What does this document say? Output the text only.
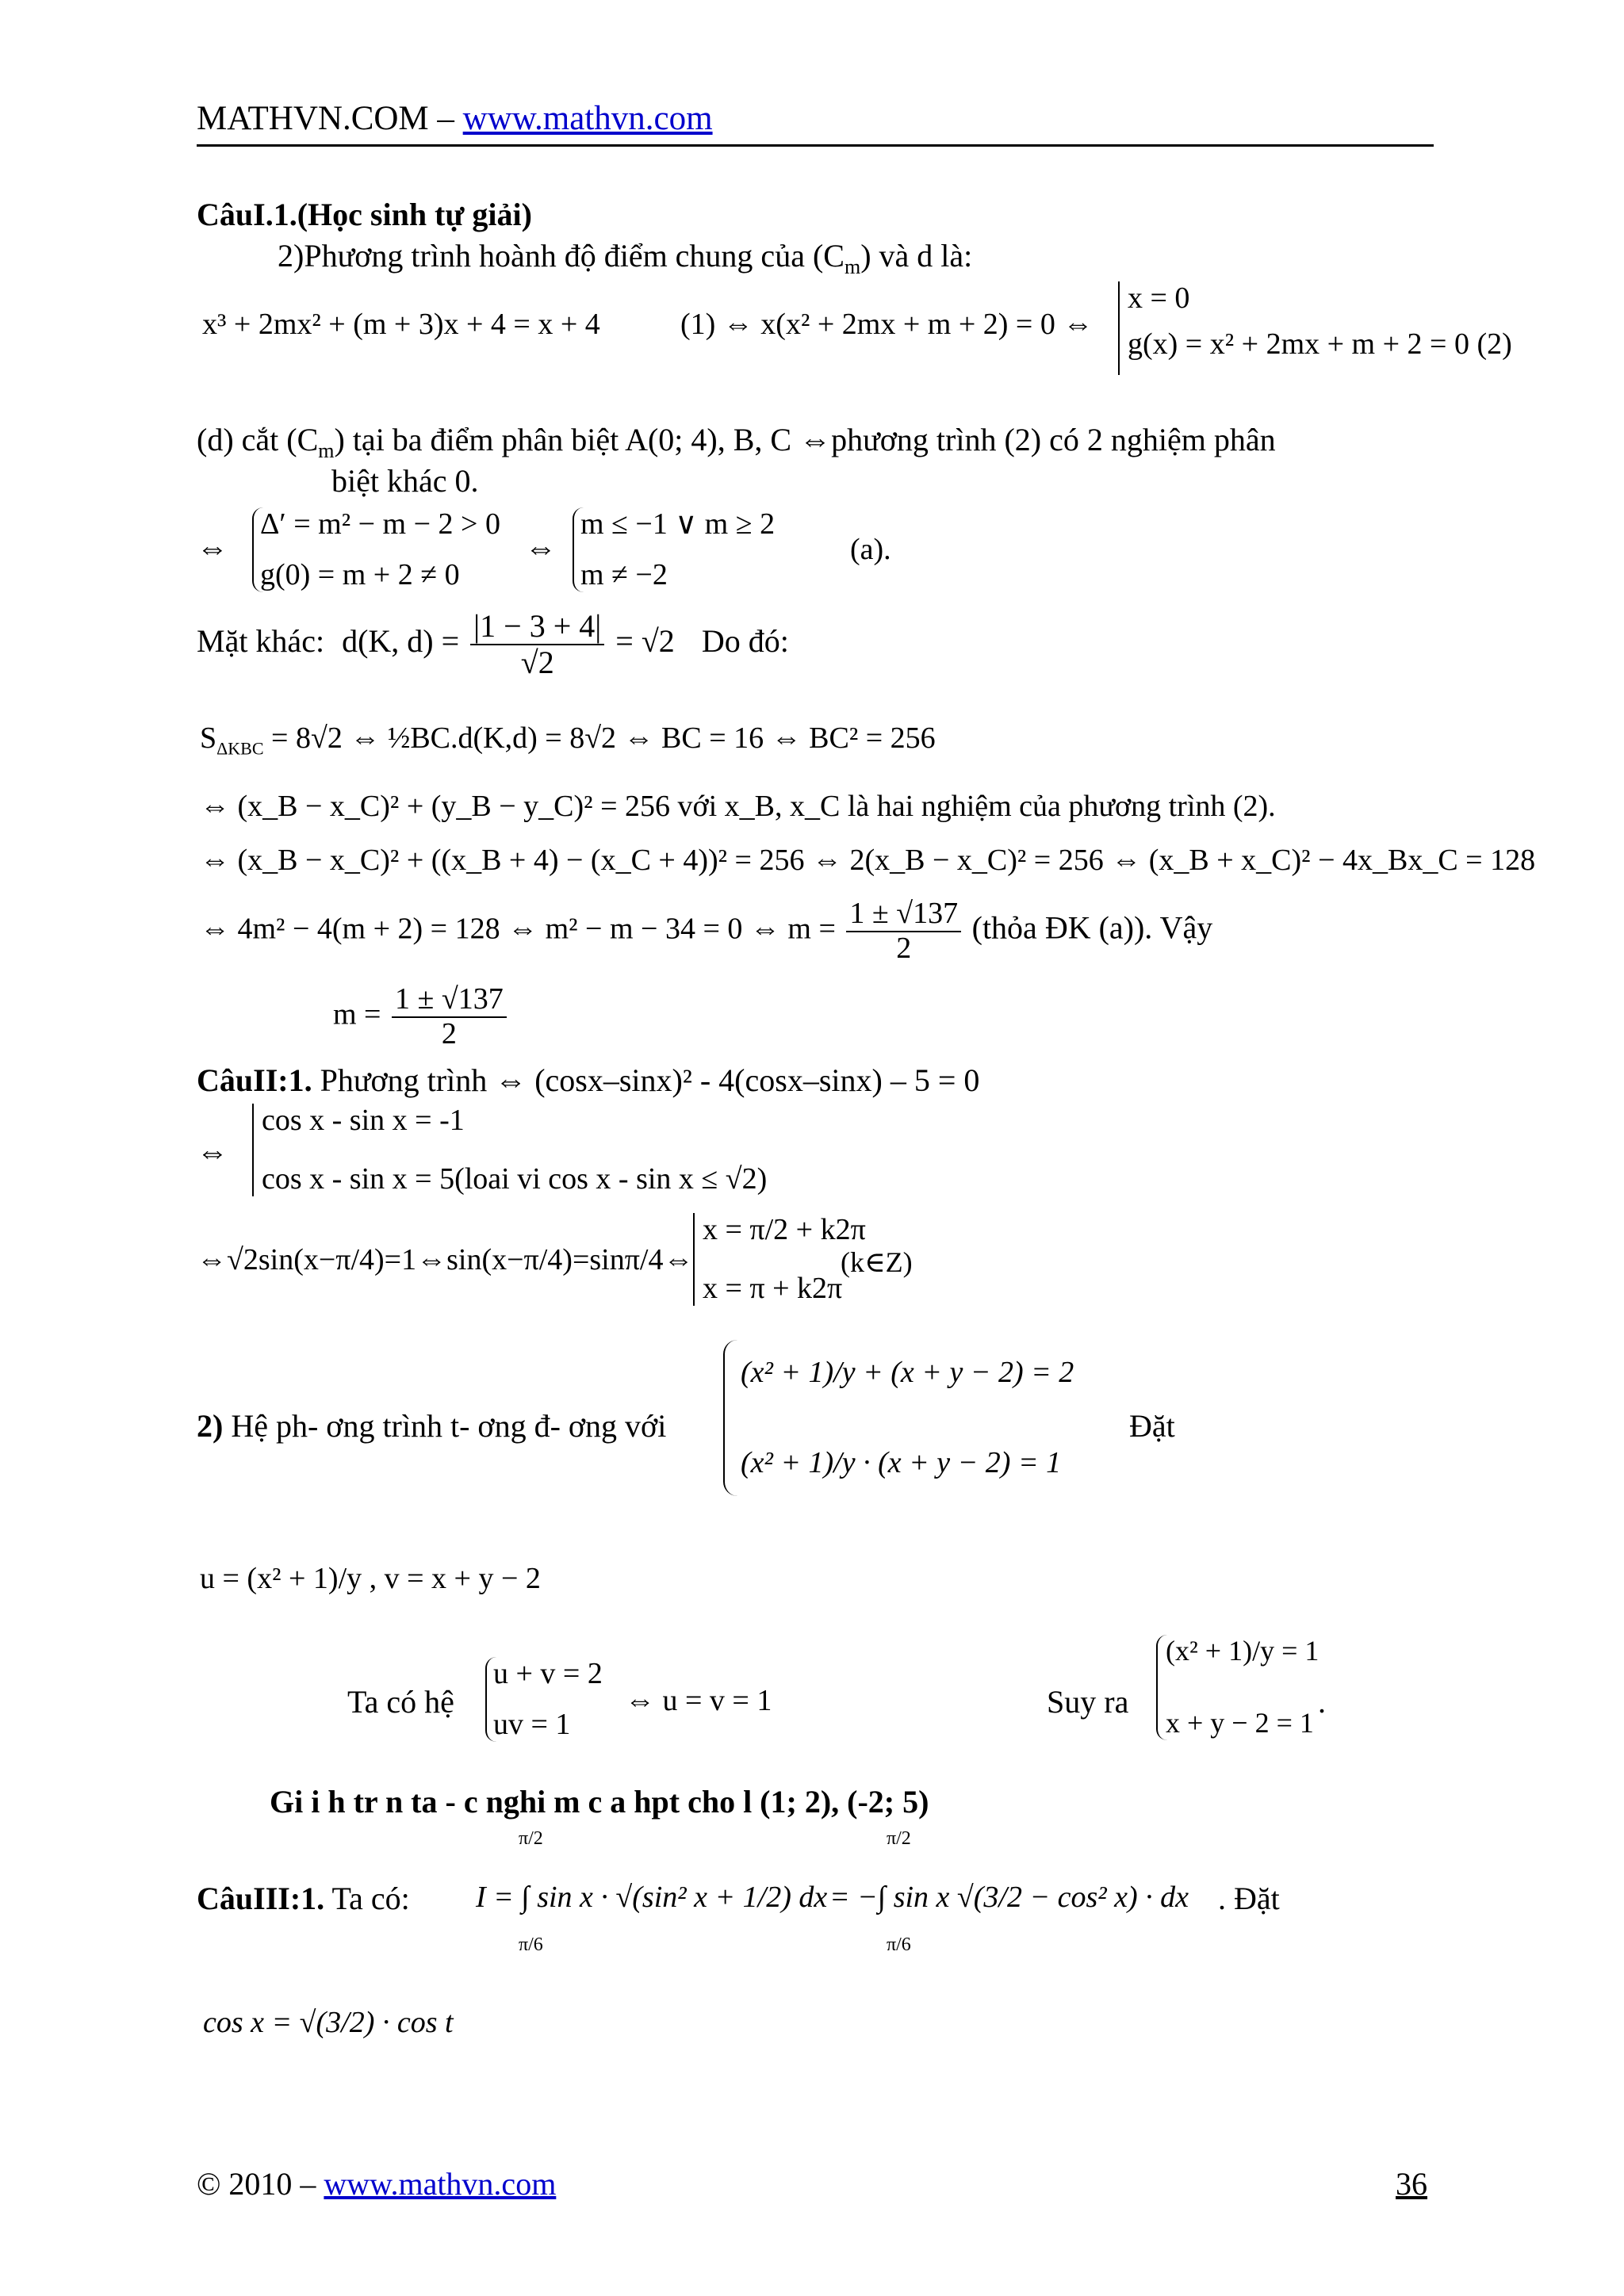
MATHVN.COM – www.mathvn.com
CâuI.1.(Học sinh tự giải)
2)Phương trình hoành độ điểm chung của $(C_m)$ và d là:
x³ + 2mx² + (m + 3)x + 4 = x + 4	(1) ⇔ x(x² + 2mx + m + 2) = 0 ⇔
x = 0
g(x) = x² + 2mx + m + 2 = 0 (2)
(d) cắt $(C_m)$ tại ba điểm phân biệt A(0; 4), B, C ⇔phương trình (2) có 2 nghiệm phân
biệt khác 0.
⇔
Δ′ = m² − m − 2 > 0
g(0) = m + 2 ≠ 0
⇔
m ≤ −1 ∨ m ≥ 2
m ≠ −2
(a).
Mặt khác: d(K, $d) = \frac{|1 - 3 + 4|}{√2} = √2$ Do đó:
$S_{\Delta KBC} = 8√2$ ⇔ ½BC.d(K,d) = 8√2 ⇔ BC = 16 ⇔ BC² = 256
⇔ (x_B − x_C)² + (y_B − y_C)² = 256 với x_B, x_C là hai nghiệm của phương trình (2).
⇔ (x_B − x_C)² + ((x_B + 4) − (x_C + 4))² = 256 ⇔ 2(x_B − x_C)² = 256 ⇔ (x_B + x_C)² − 4x_Bx_C = 128
⇔ 4m² − 4(m + 2) = 128 ⇔ m² − m − 34 = 0 ⇔ $m = \frac{1 \pm √137}{2}$ (thỏa ĐK (a)). Vậy
$m = \frac{1 \pm √137}{2}$
CâuII:1. Phương trình ⇔ (cosx–sinx)² - 4(cosx–sinx) – 5 = 0
⇔
cos x - sin x = -1
cos x - sin x = 5(loai vi cos x - sin x ≤ √2)
⇔√2sin(x−π/4)=1⇔sin(x−π/4)=sinπ/4⇔
x = π/2 + k2π
x = π + k2π
(k∈Z)
2) Hệ ph- ơng trình t- ơng đ- ơng với
(x² + 1)/y + (x + y − 2) = 2
(x² + 1)/y · (x + y − 2) = 1
Đặt
u = (x² + 1)/y , v = x + y − 2
Ta có hệ
u + v = 2
uv = 1
⇔ u = v = 1	Suy ra
(x² + 1)/y = 1
x + y − 2 = 1
.
Gi i h tr n ta - c nghi m c a hpt cho l (1; 2), (-2; 5)
CâuIII:1. Ta có:
π/2
π/6
I = ∫ sin x · √(sin² x + 1/2) dx
π/2
π/6
= −∫ sin x √(3/2 − cos² x) · dx . Đặt
cos x = √(3/2) · cos t
© 2010 – www.mathvn.com	36
